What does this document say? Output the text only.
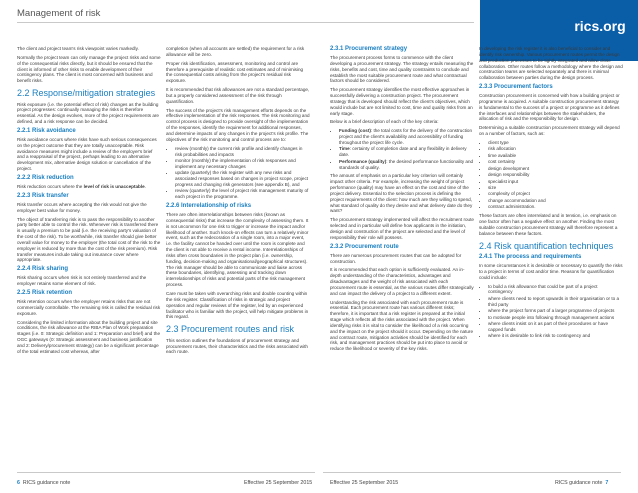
Management of risk
rics.org

The client and project team's risk viewpoint varies markedly.

Normally the project team can only manage the project risks and some of the consequential risks directly, but it should be ensured that the client is informed of other risks to enable development of their contingency plans. The client is most concerned with business and benefit risks.

2.2 Response/mitigation strategies

Risk exposure (i.e. the potential effect of risk) changes as the building project progresses: continually managing the risks is therefore essential. As the design evolves, more of the project requirements are defined, and a risk response can be decided.

2.2.1 Risk avoidance

Risk avoidance occurs where risks have such serious consequences on the project outcome that they are totally unacceptable. Risk avoidance measures might include a review of the employer's brief and a reappraisal of the project, perhaps leading to an alternative development mix, alternative design solution or cancellation of the project.

2.2.2 Risk reduction

Risk reduction occurs where the level of risk is unacceptable.

2.2.3 Risk transfer

Risk transfer occurs where accepting the risk would not give the employer best value for money.

The object of transferring risk is to pass the responsibility to another party better able to control the risk. Whenever risk is transferred there is usually a premium to be paid (i.e. the receiving party's valuation of the cost of the risk). To be worthwhile, risk transfer should give better overall value for money to the employer (the total cost of the risk to the employer is reduced by more than the cost of the risk premium). Risk transfer measures include taking out insurance cover where appropriate.

2.2.4 Risk sharing

Risk sharing occurs when risk is not entirely transferred and the employer retains some element of risk.

2.2.5 Risk retention

Risk retention occurs when the employer retains risks that are not commercially controllable. The remaining risk is called the residual risk exposure.

Considering the limited information about the building project and site conditions, the risk allowance at the RIBA Plan of Work preparation stages (i.e. 0: Strategic definition and 1: Preparation and brief) and the OGC gateways (0: Strategic assessment and business justification and 2: Delivery/procurement strategy) can be a significant percentage of the total estimated cost whereas, after

completion (when all accounts are settled) the requirement for a risk allowance will be zero.

Proper risk identification, assessment, monitoring and control are therefore a prerequisite of realistic cost estimates and of minimising the consequential costs arising from the project's residual risk exposure.

It is recommended that risk allowances are not a standard percentage, but a properly considered assessment of the risk through quantification.

The success of the project's risk management efforts depends on the effective implementation of the risk responses. The risk monitoring and control process is designed to provide oversight of the implementation of the responses, identify the requirement for additional responses, and determine impacts of any changes in the project's risk profile. The objectives of the risk monitoring and control process are to:

• review (monthly) the current risk profile and identify changes in risk probabilities and impacts
• monitor (monthly) the implementation of risk responses and implement any necessary changes
• update (quarterly) the risk register with any new risks and associated responses based on changes in project scope, project progress and changing risk generators (see appendix B), and
• review (quarterly) the level of project risk management maturity of each project in the programme.
2.2.6 Interrelationship of risks

There are often interrelationships between risks (known as consequential risks) that increase the complexity of assessing them. It is not uncommon for one risk to trigger or increase the impact and/or likelihood of another. Such knock-on effects can turn a relatively minor event, such as the redecoration of a single room, into a major event, i.e. the facility cannot be handed over until the room is complete and the client is not able to receive a rental income. Interrelationships of risks often cross boundaries in the project plan (i.e. ownership, funding, decision-making and organisational/geographical structures). The risk manager should be able to communicate and liaise across these boundaries, identifying, assessing and tracking down interrelationships of risks and potential parts of the risk management process.

Care must be taken with overarching risks and double counting within the risk register. Classification of risks in strategic and project operation and regular reviews of the register, led by an experienced facilitator who is familiar with the project, will help mitigate problems in this regard.

2.3 Procurement routes and risk

This section outlines the foundations of procurement strategy and procurement routes, their characteristics and the risks associated with each route.

2.3.1 Procurement strategy

The procurement process forms to commence with the client developing a procurement strategy. The strategy entails measuring the risks, benefits and cost, time and quality constraints to conclude and establish the most suitable procurement route and what contractual factors should be considered.

The procurement strategy identifies the most effective approaches in successfully delivering a construction project. The procurement strategy that is developed should reflect the client's objectives, which would include but are not limited to cost, time and quality risks from an early stage.

Below is a brief description of each of the key criteria:

• Funding (cost): the total costs for the delivery of the construction project and the client's availability and accessibility of funding throughout the project life cycle.
• Time: certainty of completion date and any flexibility in delivery date.
• Performance (quality): the desired performance functionality and standards of quality.

The amount of emphasis on a particular key criterion will certainly impact other criteria. For example, increasing the weight of project performance (quality) may have an effect on the cost and time of the project delivery. Essential to the selection process is defining the project requirements of the client: how much are they willing to spend, what standard of quality do they desire and what delivery date do they want?

The procurement strategy implemented will affect the recruitment route selected and in particular will define how applicants in the initiation, design and construction of the project are selected and the level of responsibility their role will possess.

2.3.2 Procurement route

There are numerous procurement routes that can be adopted for construction.

It is recommended that each option is sufficiently evaluated. An in-depth understanding of the characteristics, advantages and disadvantages and the weight of risk associated with each procurement route is essential, as the various routes differ strategically and can impact the delivery of a project to a different extent.

Understanding the risk associated with each procurement route is essential. Each procurement route has various different risks; therefore, it is important that a risk register is prepared at the initial stage which reflects all the risks associated with the project. When identifying risks it is vital to consider the likelihood of a risk occurring and the impact on the project should it occur. Depending on the nature and contract route, mitigation activities should be identified for each risk, and management practices should be put into place to avoid or reduce the likelihood or severity of the key risks.

In developing the risk register it is also beneficial to consider and identify risk ownership. Various procurement routes permit the design and production processes to be tightly integrated and allow close collaboration. Other routes follow a methodology where the design and construction teams are selected separately and there is minimal collaboration between parties during the design process.

2.3.3 Procurement factors

Construction procurement is concerned with how a building project or programme is acquired. A suitable construction procurement strategy is fundamental to the success of a project or programme as it defines the interfaces and relationships between the stakeholders, the allocation of risk and the responsibility for design.

Determining a suitable construction procurement strategy will depend on a number of factors, such as:

• client type
• risk allocation
• time available
• cost certainty
• design development
• design responsibility
• specialist input
• size
• complexity of project
• change accommodation and
• contract administration.

These factors are often interrelated and in tension, i.e. emphasis on one factor often has a negative effect on another. Finding the most suitable construction procurement strategy will therefore represent a balance between these factors.

2.4 Risk quantification techniques
2.4.1 The process and requirements

In some circumstances it is desirable or necessary to quantify the risks to a project in terms of cost and/or time. Reasons for quantification could include:

• to build a risk allowance that could be part of a project contingency
• where clients need to report upwards in their organisation or to a third party
• where the project forms part of a larger programme of projects
• to motivate people into following through management actions
• where clients insist on it as part of their procedures or have capped funds
• where it is desirable to link risk to contingency and
6 RICS guidance note	Effective 25 September 2015	Effective 25 September 2015	RICS guidance note 7
